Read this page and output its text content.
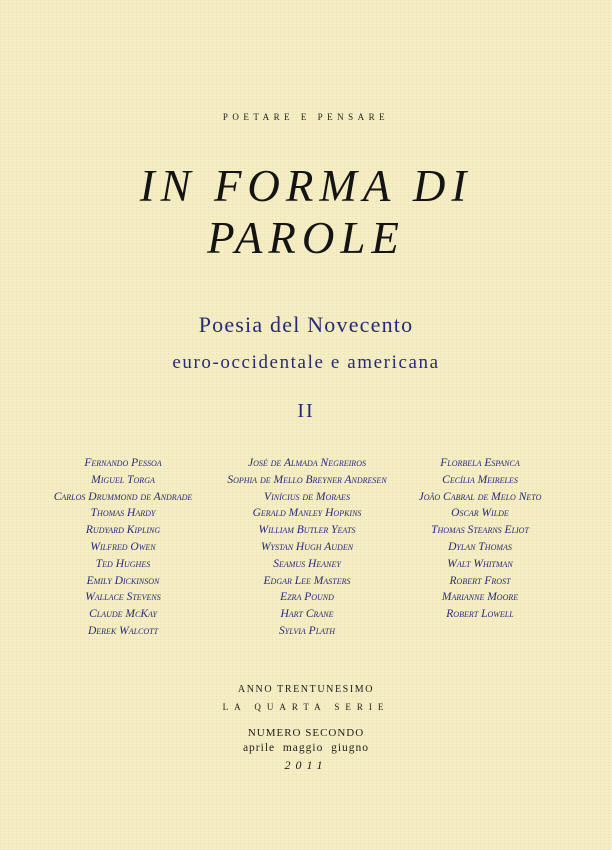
POETARE E PENSARE
IN FORMA DI
PAROLE
Poesia del Novecento
euro-occidentale e americana
II
Fernando Pessoa
Miguel Torga
Carlos Drummond de Andrade
Thomas Hardy
Rudyard Kipling
Wilfred Owen
Ted Hughes
Emily Dickinson
Wallace Stevens
Claude McKay
Derek Walcott
José de Almada Negreiros
Sophia de Mello Breyner Andresen
Vinícius de Moraes
Gerald Manley Hopkins
William Butler Yeats
Wystan Hugh Auden
Seamus Heaney
Edgar Lee Masters
Ezra Pound
Hart Crane
Sylvia Plath
Florbela Espanca
Cecília Meireles
João Cabral de Melo Neto
Oscar Wilde
Thomas Stearns Eliot
Dylan Thomas
Walt Whitman
Robert Frost
Marianne Moore
Robert Lowell
ANNO TRENTUNESIMO
LA QUARTA SERIE
NUMERO SECONDO
aprile  maggio  giugno
2011
